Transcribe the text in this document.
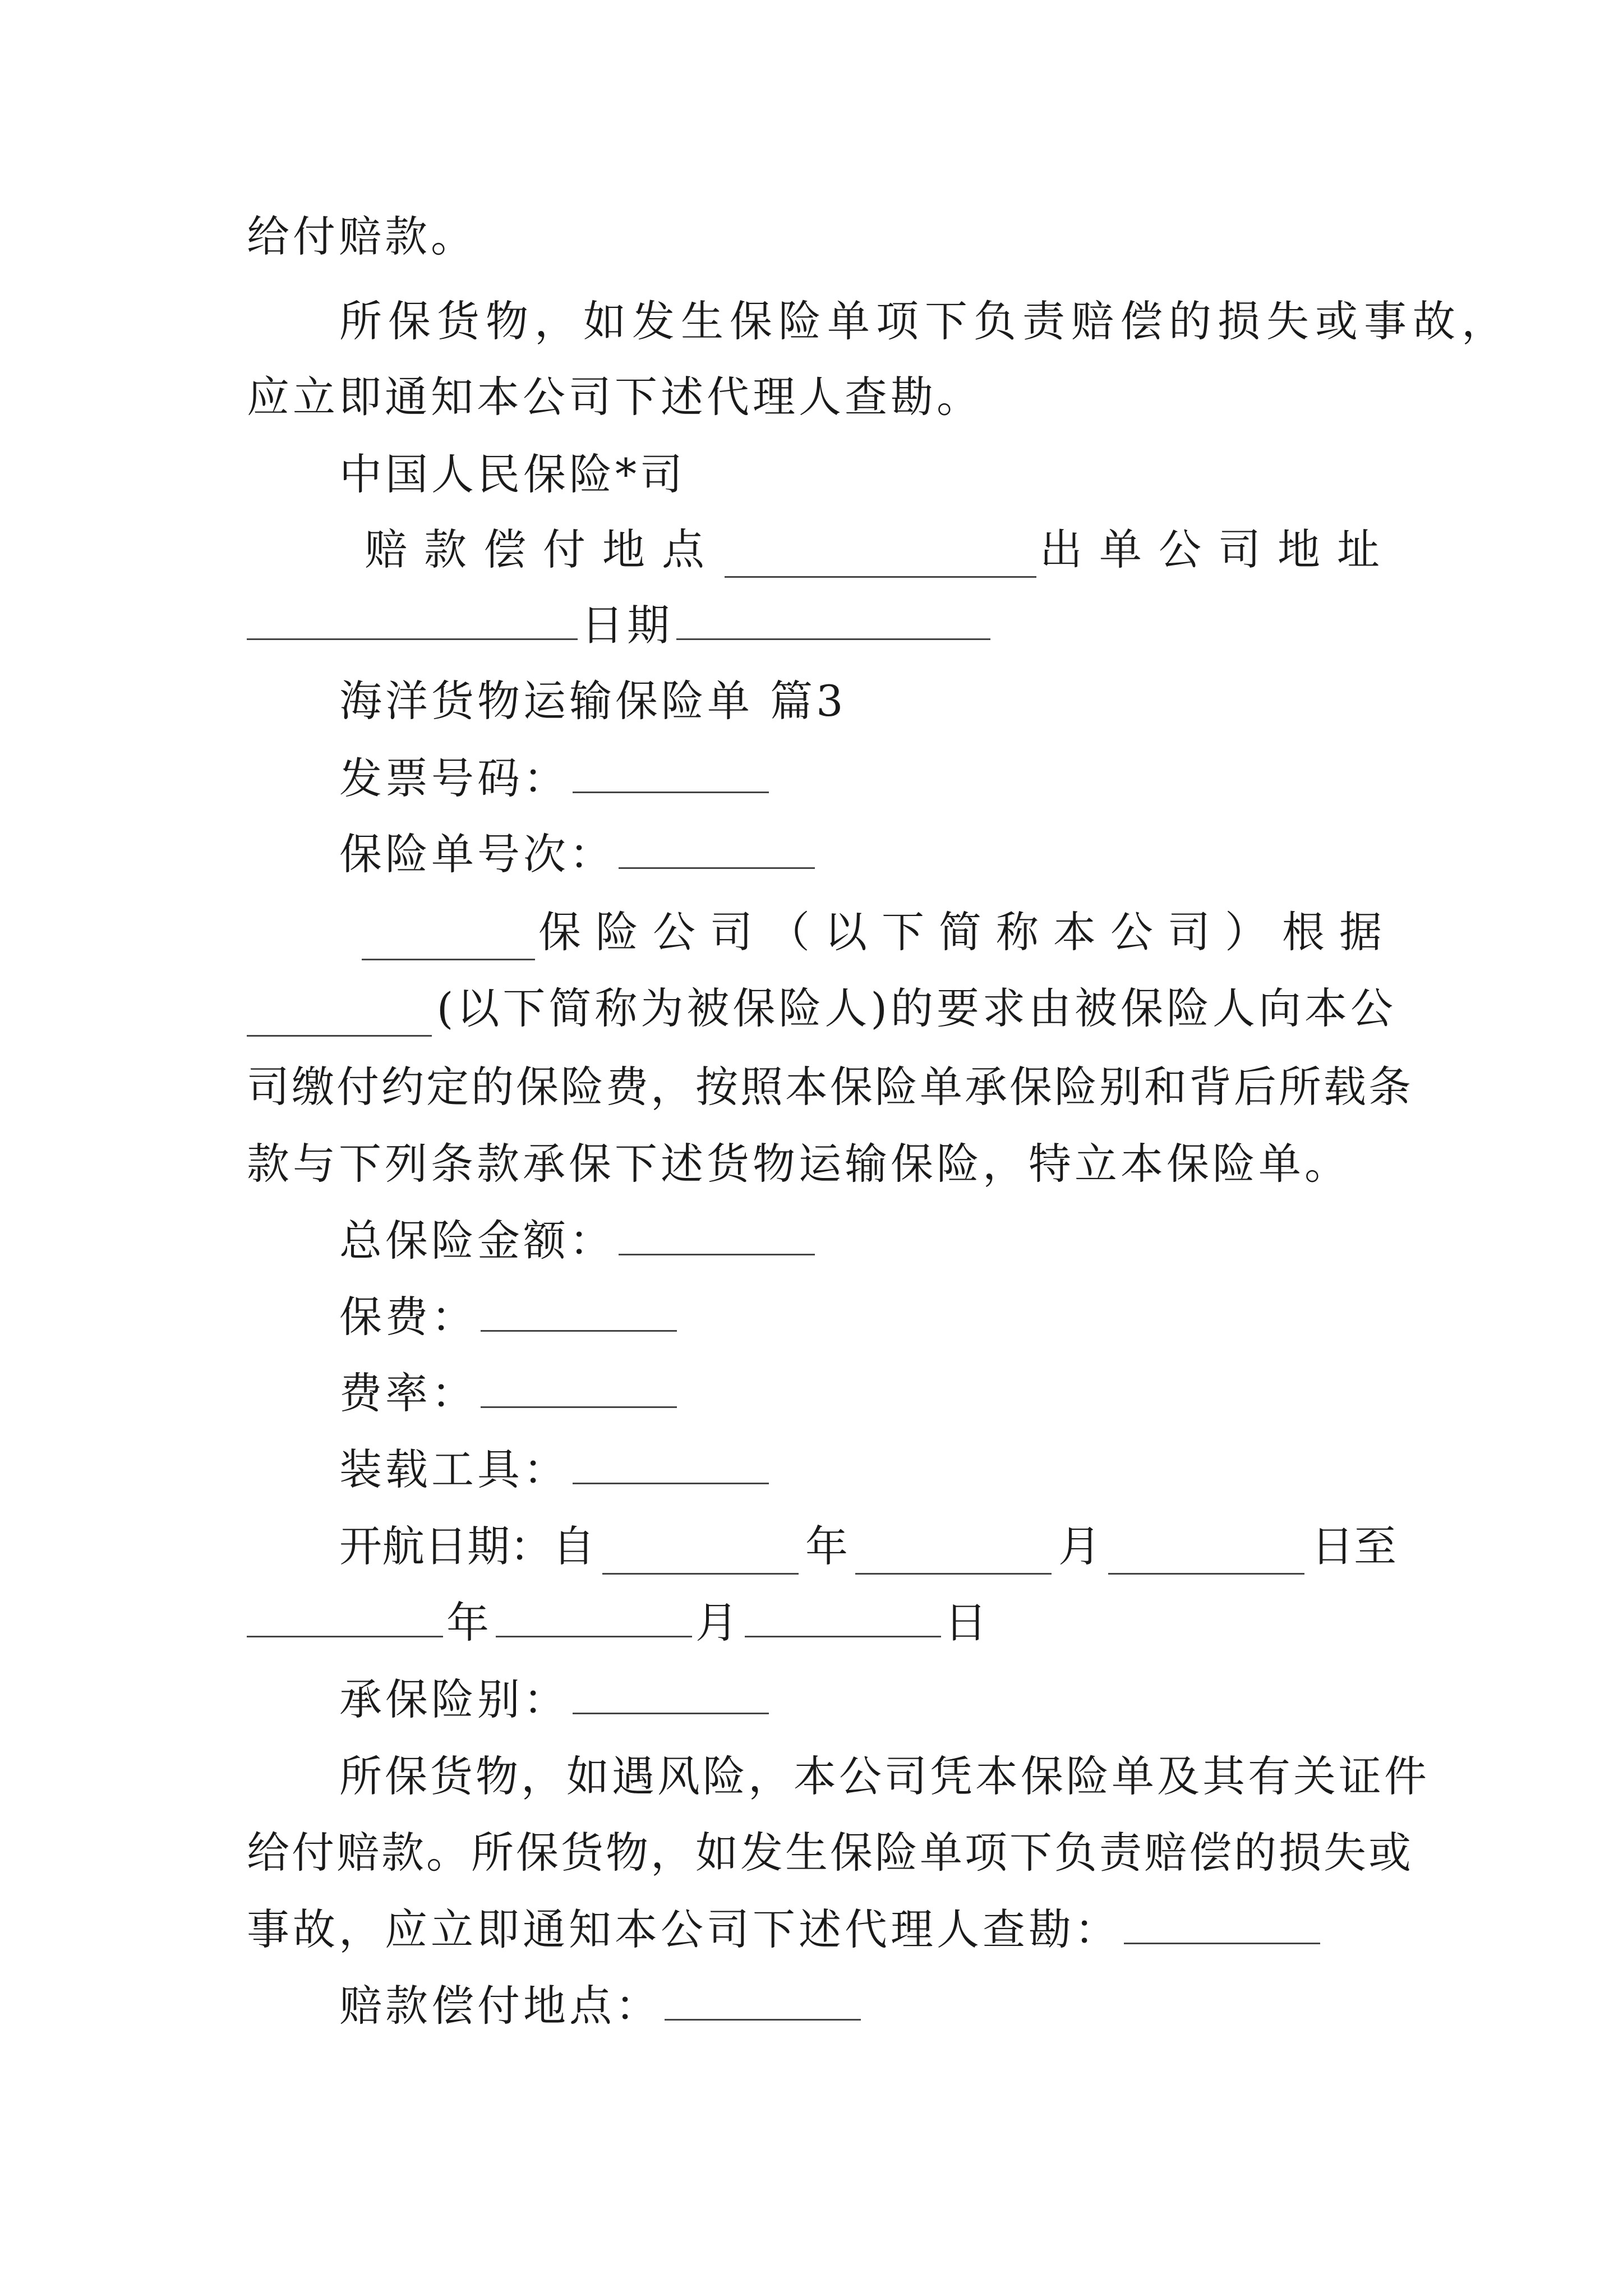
给付赔款。
所保货物，如发生保险单项下负责赔偿的损失或事故，
应立即通知本公司下述代理人查勘。
中国人民保险*司
赔款偿付地点	出单公司地址
日期
海洋货物运输保险单 篇3
发票号码：
保险单号次：
保险公司（以下简称本公司）根据
(以下简称为被保险人)的要求由被保险人向本公
司缴付约定的保险费，按照本保险单承保险别和背后所载条
款与下列条款承保下述货物运输保险，特立本保险单。
总保险金额：
保费：
费率：
装载工具：
开航日期：自	年	月	日至
年	月	日
承保险别：
所保货物，如遇风险，本公司凭本保险单及其有关证件
给付赔款。所保货物，如发生保险单项下负责赔偿的损失或
事故，应立即通知本公司下述代理人查勘：
赔款偿付地点：
